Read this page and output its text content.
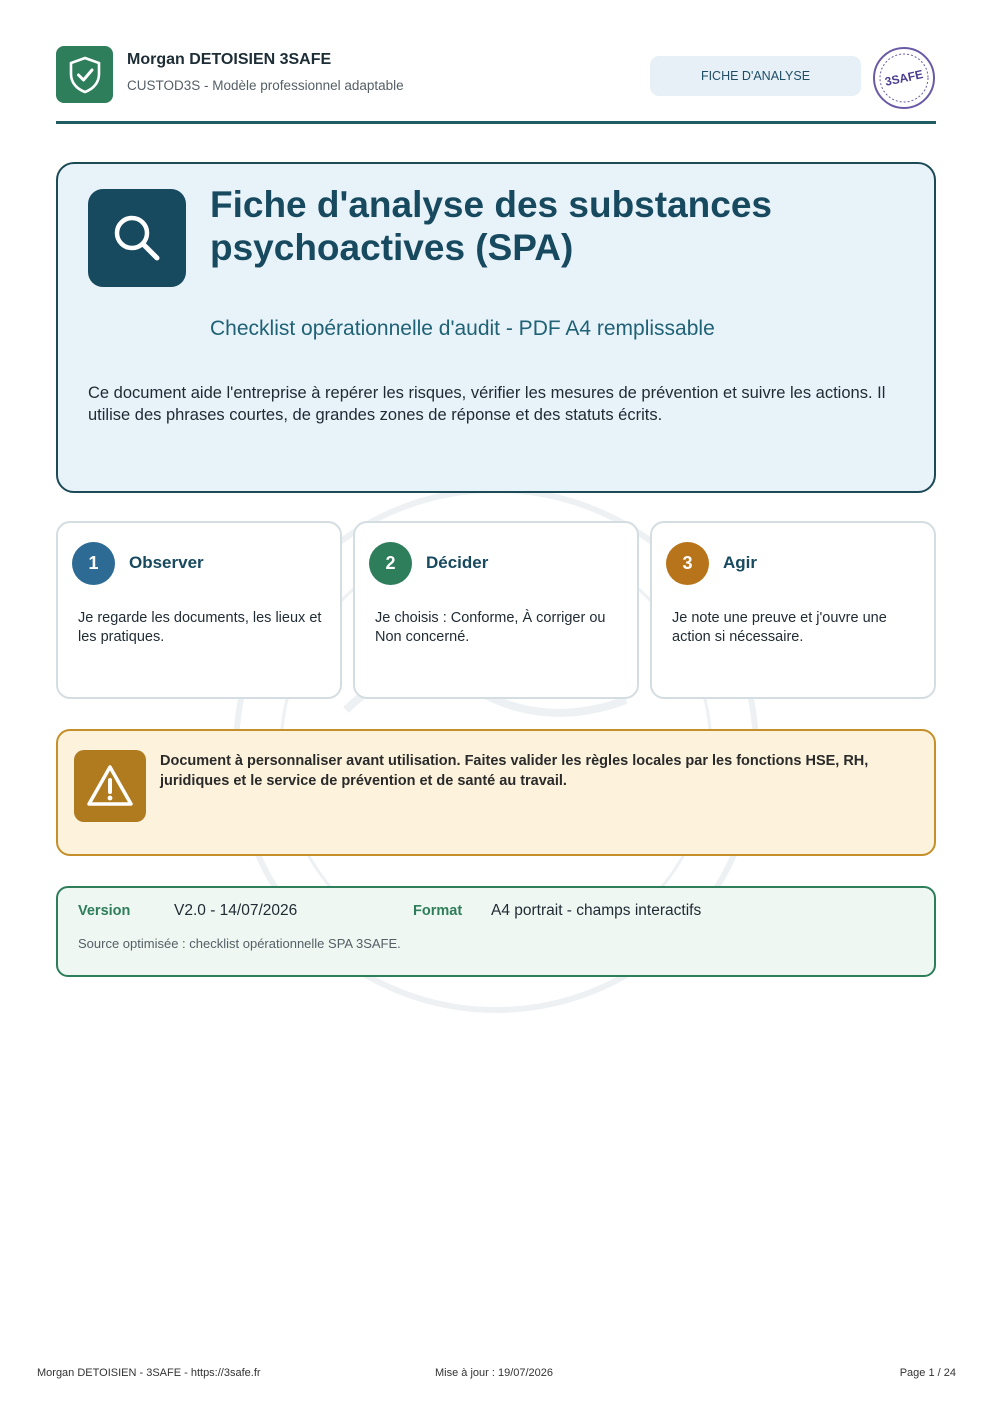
Morgan DETOISIEN 3SAFE
CUSTOD3S - Modèle professionnel adaptable
FICHE D'ANALYSE	3SAFE
Fiche d'analyse des substances psychoactives (SPA)
Checklist opérationnelle d'audit - PDF A4 remplissable
Ce document aide l'entreprise à repérer les risques, vérifier les mesures de prévention et suivre les actions. Il utilise des phrases courtes, de grandes zones de réponse et des statuts écrits.
1	Observer
Je regarde les documents, les lieux et les pratiques.
2	Décider
Je choisis : Conforme, À corriger ou Non concerné.
3	Agir
Je note une preuve et j'ouvre une action si nécessaire.
Document à personnaliser avant utilisation. Faites valider les règles locales par les fonctions HSE, RH, juridiques et le service de prévention et de santé au travail.
Version	V2.0 - 14/07/2026	Format A4 portrait - champs interactifs
Source optimisée : checklist opérationnelle SPA 3SAFE.
Morgan DETOISIEN - 3SAFE - https://3safe.fr	Mise à jour : 19/07/2026	Page 1 / 24
